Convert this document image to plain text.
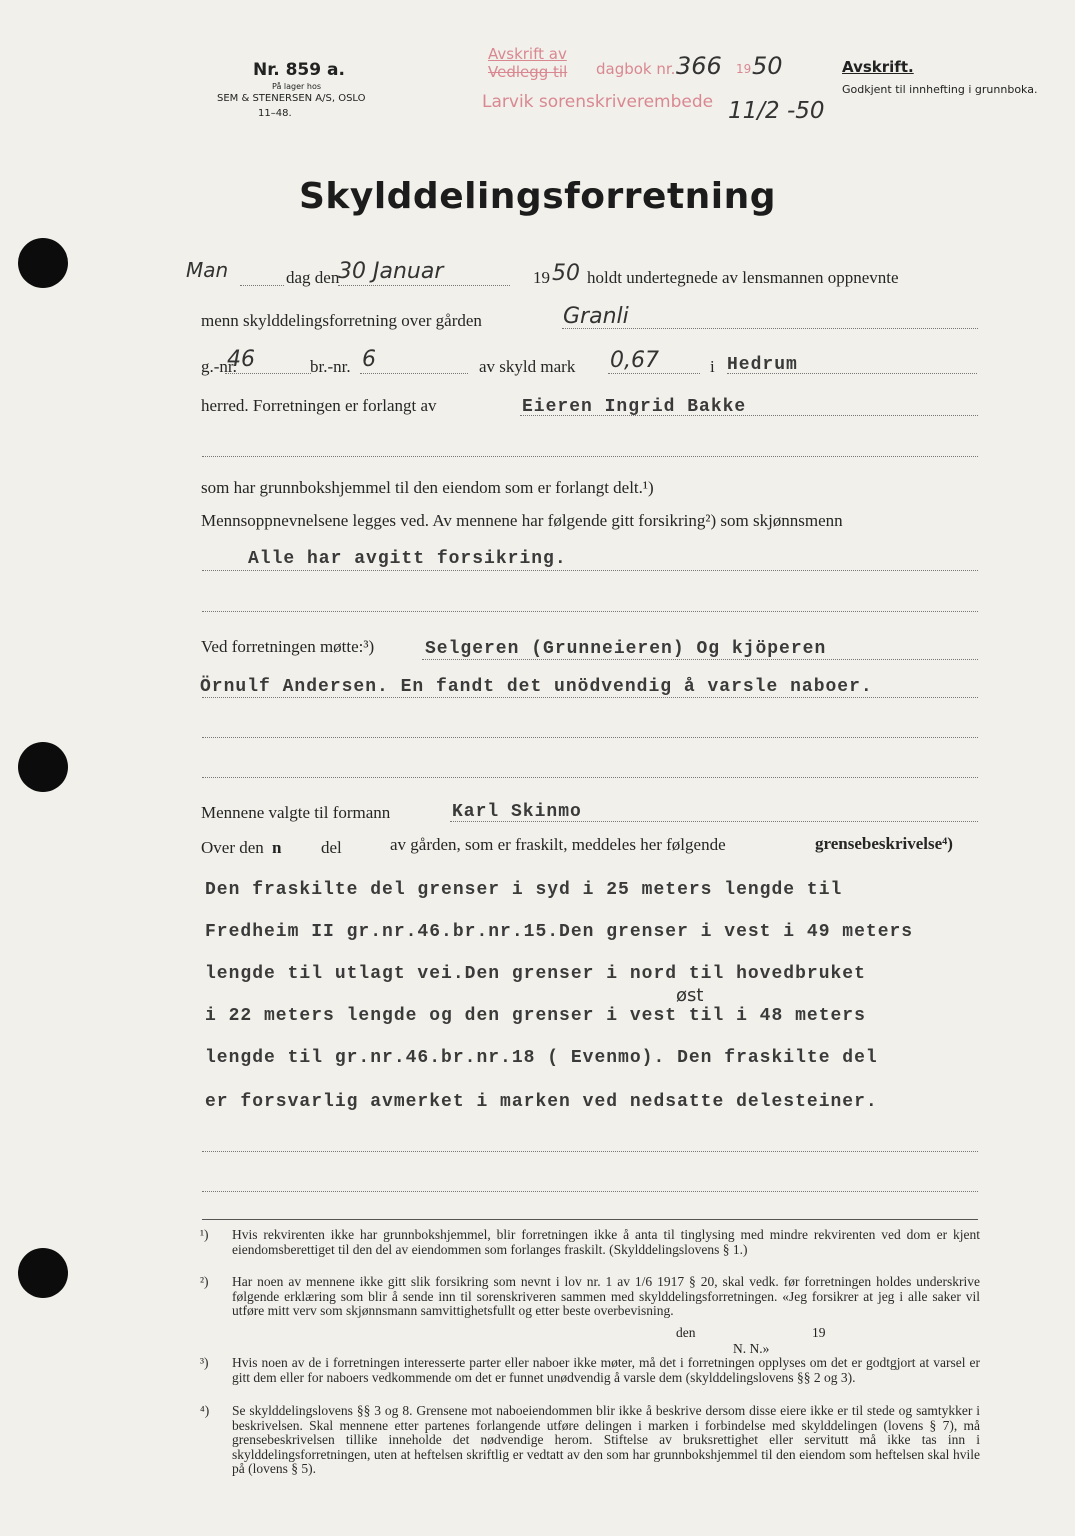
Nr. 859 a.
På lager hos
SEM & STENERSEN A/S, OSLO
11–48.
Avskrift av
Vedlegg til dagbok nr.
Larvik sorenskriverembede
366 19 50
11/2 -50
Avskrift.
Godkjent til innhefting i grunnboka.
Skylddelingsforretning
Man	dag den
30 Januar	19 50 holdt undertegnede av lensmannen oppnevnte
menn skylddelingsforretning over gården	Granli
g.-nr.
46	br.-nr. 6	av skyld mark 0,67	i Hedrum
herred. Forretningen er forlangt av	Eieren Ingrid Bakke
som har grunnbokshjemmel til den eiendom som er forlangt delt.¹)
Mennsoppnevnelsene legges ved. Av mennene har følgende gitt forsikring²) som skjønnsmenn
Alle har avgitt forsikring.
Ved forretningen møtte:³)	Selgeren (Grunneieren) Og kjöperen
Örnulf Andersen. En fandt det unödvendig å varsle naboer.
Mennene valgte til formann	Karl Skinmo
Over den n del	av gården, som er fraskilt, meddeles her følgende	grensebeskrivelse⁴)
Den fraskilte del grenser i syd i 25 meters lengde til
Fredheim II gr.nr.46.br.nr.15.Den grenser i vest i 49 meters
lengde til utlagt vei.Den grenser i nord til hovedbruket
øst
i 22 meters lengde og den grenser i vest til i 48 meters
lengde til gr.nr.46.br.nr.18 ( Evenmo). Den fraskilte del
er forsvarlig avmerket i marken ved nedsatte delesteiner.
¹) Hvis rekvirenten ikke har grunnbokshjemmel, blir forretningen ikke å anta til tinglysing med mindre rekvirenten ved dom er kjent eiendomsberettiget til den del av eiendommen som forlanges fraskilt. (Skylddelingslovens § 1.)
²) Har noen av mennene ikke gitt slik forsikring som nevnt i lov nr. 1 av 1/6 1917 § 20, skal vedk. før forretningen holdes underskrive følgende erklæring som blir å sende inn til sorenskriveren sammen med skylddelingsforretningen. «Jeg forsikrer at jeg i alle saker vil utføre mitt verv som skjønnsmann samvittighetsfullt og etter beste overbevisning.
den	19
N. N.»
³) Hvis noen av de i forretningen interesserte parter eller naboer ikke møter, må det i forretningen opplyses om det er godtgjort at varsel er gitt dem eller for naboers vedkommende om det er funnet unødvendig å varsle dem (skylddelingslovens §§ 2 og 3).
⁴) Se skylddelingslovens §§ 3 og 8. Grensene mot naboeiendommen blir ikke å beskrive dersom disse eiere ikke er til stede og samtykker i beskrivelsen. Skal mennene etter partenes forlangende utføre delingen i marken i forbindelse med skylddelingen (lovens § 7), må grensebeskrivelsen tillike inneholde det nødvendige herom. Stiftelse av bruksrettighet eller servitutt må ikke tas inn i skylddelingsforretningen, uten at heftelsen skriftlig er vedtatt av den som har grunnbokshjemmel til den eiendom som heftelsen skal hvile på (lovens § 5).
